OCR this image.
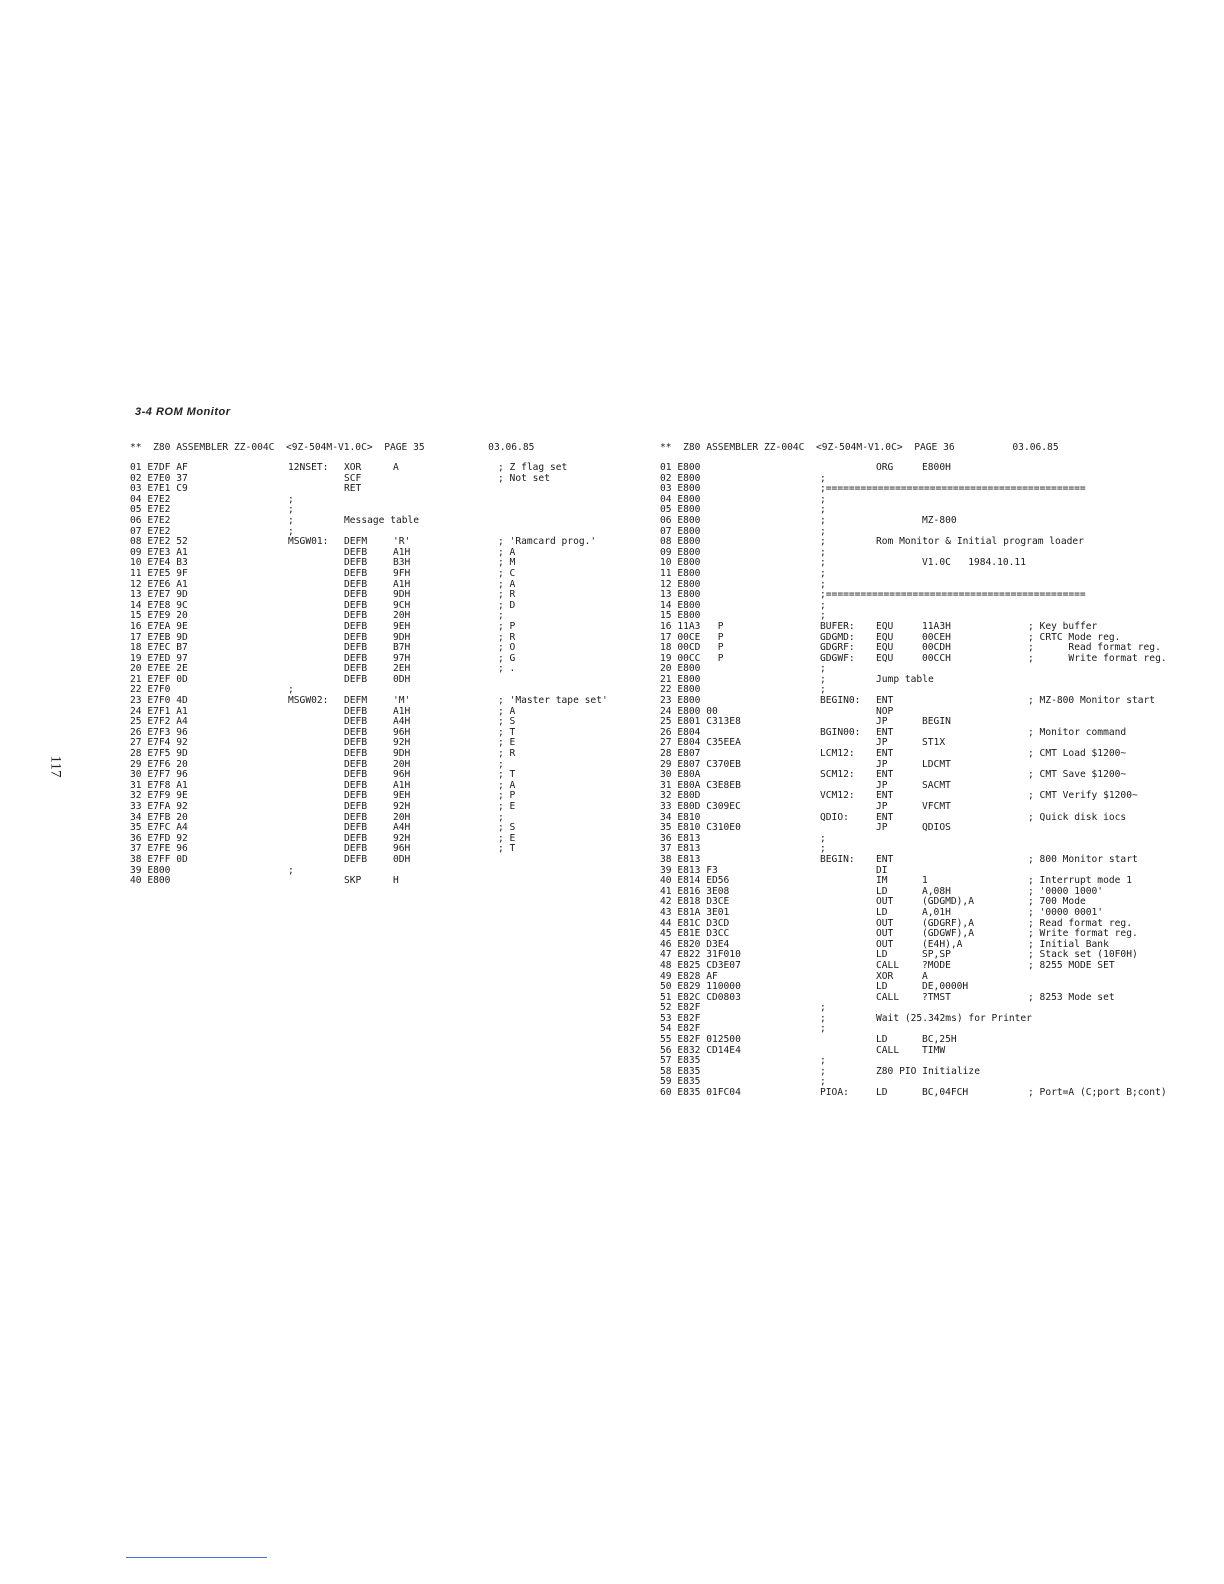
3-4 ROM Monitor
** Z80 ASSEMBLER ZZ-004C <9Z-504M-V1.0C> PAGE 35	03.06.85
01 E7DF AF	12NSET: XOR	A	; Z flag set
02 E7E0 37	SCF	; Not set
03 E7E1 C9	RET
04 E7E2	;
05 E7E2	;
06 E7E2	;	Message table
07 E7E2	;
08 E7E2 52	MSGW01: DEFM	'R'	; 'Ramcard prog.'
09 E7E3 A1	DEFB	A1H	; A
10 E7E4 B3	DEFB	B3H	; M
11 E7E5 9F	DEFB	9FH	; C
12 E7E6 A1	DEFB	A1H	; A
13 E7E7 9D	DEFB	9DH	; R
14 E7E8 9C	DEFB	9CH	; D
15 E7E9 20	DEFB	20H	;
16 E7EA 9E	DEFB	9EH	; P
17 E7EB 9D	DEFB	9DH	; R
18 E7EC B7	DEFB	B7H	; O
19 E7ED 97	DEFB	97H	; G
20 E7EE 2E	DEFB	2EH	; .
21 E7EF 0D	DEFB	0DH
22 E7F0	;
23 E7F0 4D	MSGW02: DEFM	'M'	; 'Master tape set'
24 E7F1 A1	DEFB	A1H	; A
25 E7F2 A4	DEFB	A4H	; S
26 E7F3 96	DEFB	96H	; T
27 E7F4 92	DEFB	92H	; E
28 E7F5 9D	DEFB	9DH	; R
29 E7F6 20	DEFB	20H	;
30 E7F7 96	DEFB	96H	; T
31 E7F8 A1	DEFB	A1H	; A
32 E7F9 9E	DEFB	9EH	; P
33 E7FA 92	DEFB	92H	; E
34 E7FB 20	DEFB	20H	;
35 E7FC A4	DEFB	A4H	; S
36 E7FD 92	DEFB	92H	; E
37 E7FE 96	DEFB	96H	; T
38 E7FF 0D	DEFB	0DH
39 E800	;
40 E800	SKP	H
** Z80 ASSEMBLER ZZ-004C <9Z-504M-V1.0C> PAGE 36	03.06.85
01 E800	ORG	E800H
02 E800	;
03 E800	;=============================================
04 E800	;
05 E800	;
06 E800	;	MZ-800
07 E800	;
08 E800	;	Rom Monitor & Initial program loader
09 E800	;
10 E800	;	V1.0C   1984.10.11
11 E800	;
12 E800	;
13 E800	;=============================================
14 E800	;
15 E800	;
16 11A3   P	BUFER: EQU	11A3H	; Key buffer
17 00CE   P	GDGMD: EQU	00CEH	; CRTC Mode reg.
18 00CD   P	GDGRF: EQU	00CDH	;      Read format reg.
19 00CC   P	GDGWF: EQU	00CCH	;      Write format reg.
20 E800	;
21 E800	;	Jump table
22 E800	;
23 E800	BEGIN0: ENT	; MZ-800 Monitor start
24 E800 00	NOP
25 E801 C313E8	JP	BEGIN
26 E804	BGIN00: ENT	; Monitor command
27 E804 C35EEA	JP	ST1X
28 E807	LCM12: ENT	; CMT Load $1200~
29 E807 C370EB	JP	LDCMT
30 E80A	SCM12: ENT	; CMT Save $1200~
31 E80A C3E8EB	JP	SACMT
32 E80D	VCM12: ENT	; CMT Verify $1200~
33 E80D C309EC	JP	VFCMT
34 E810	QDIO:	ENT	; Quick disk iocs
35 E810 C310E0	JP	QDIOS
36 E813	;
37 E813	;
38 E813	BEGIN: ENT	; 800 Monitor start
39 E813 F3	DI
40 E814 ED56	IM	1	; Interrupt mode 1
41 E816 3E08	LD	A,08H	; '0000 1000'
42 E818 D3CE	OUT	(GDGMD),A	; 700 Mode
43 E81A 3E01	LD	A,01H	; '0000 0001'
44 E81C D3CD	OUT	(GDGRF),A	; Read format reg.
45 E81E D3CC	OUT	(GDGWF),A	; Write format reg.
46 E820 D3E4	OUT	(E4H),A	; Initial Bank
47 E822 31F010	LD	SP,SP	; Stack set (10F0H)
48 E825 CD3E07	CALL ?MODE	; 8255 MODE SET
49 E828 AF	XOR	A
50 E829 110000	LD	DE,0000H
51 E82C CD0803	CALL ?TMST	; 8253 Mode set
52 E82F	;
53 E82F	;	Wait (25.342ms) for Printer
54 E82F	;
55 E82F 012500	LD	BC,25H
56 E832 CD14E4	CALL TIMW
57 E835	;
58 E835	;	Z80 PIO Initialize
59 E835	;
60 E835 01FC04	PIOA:	LD	BC,04FCH	; Port=A (C;port B;cont)
117
